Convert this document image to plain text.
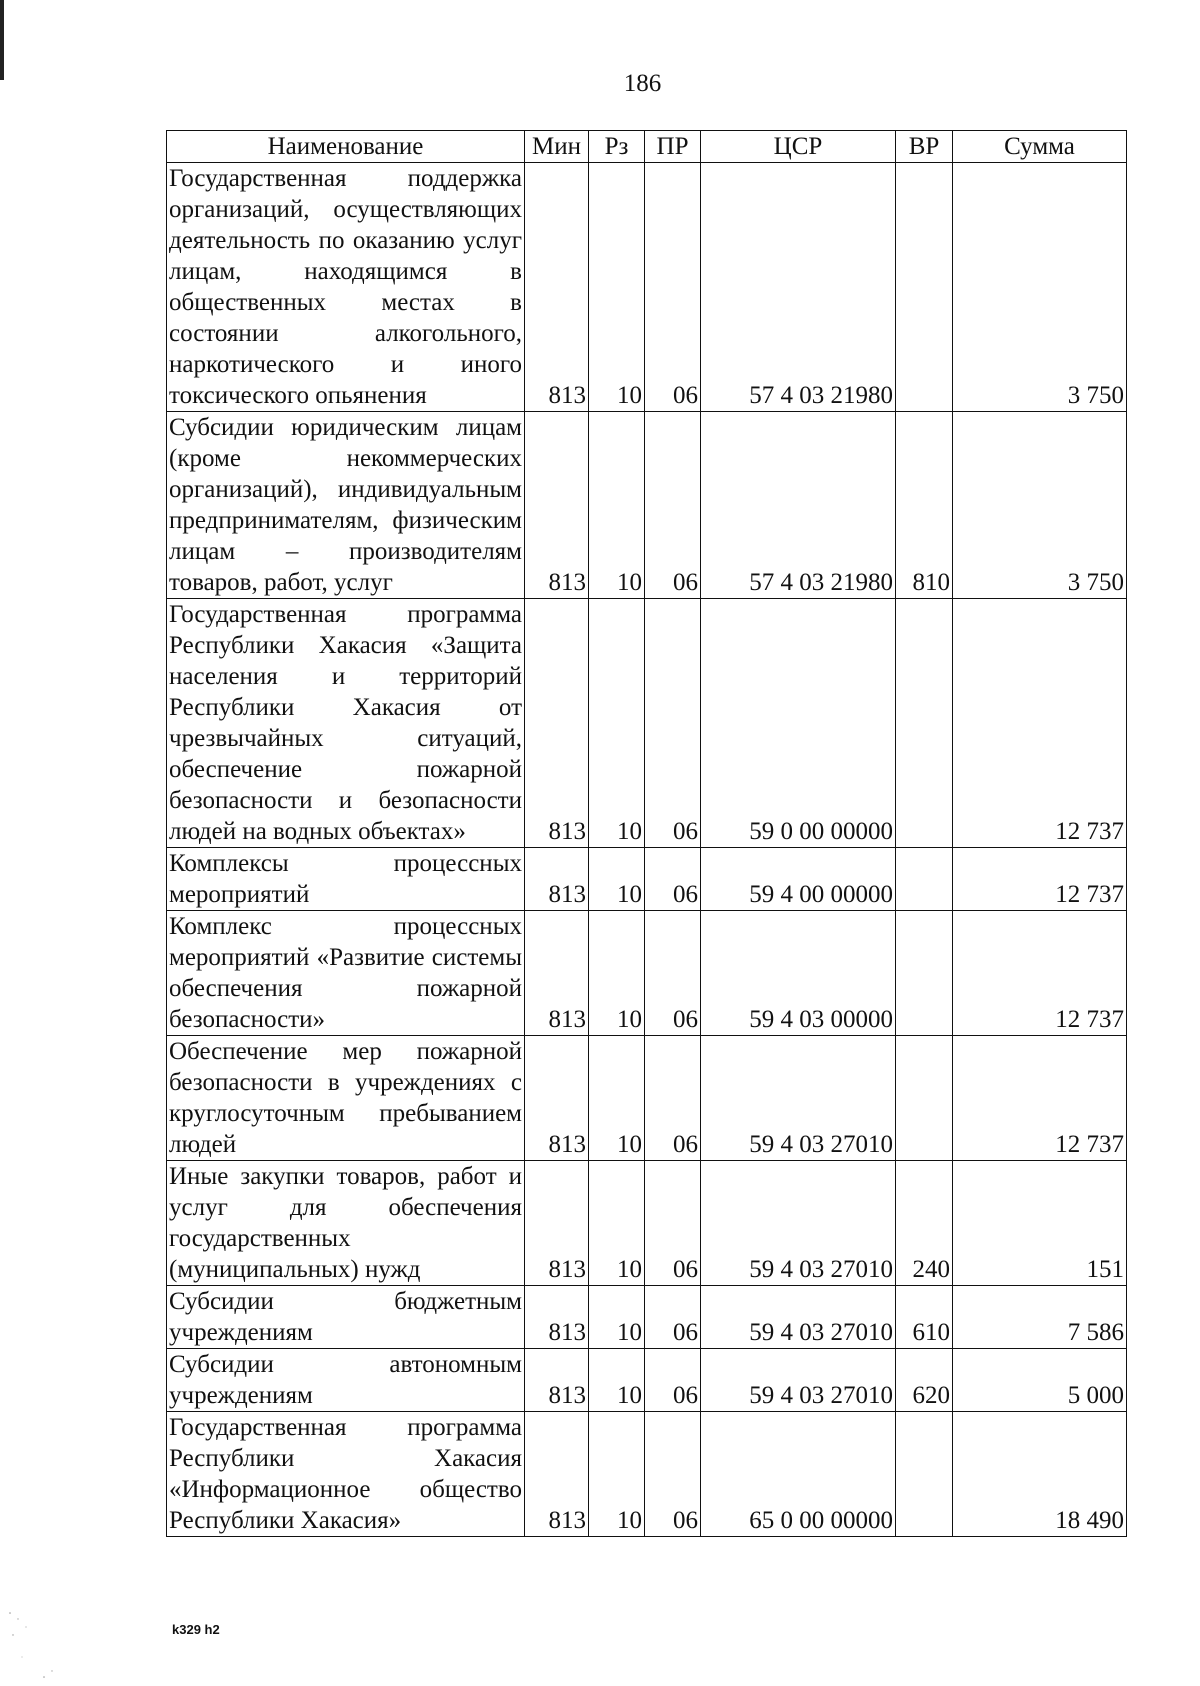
186
Наименование	Мин	Рз	ПР	ЦСР	ВР	Сумма
Государственная поддержка организаций, осуществляющих деятельность по оказанию услуг лицам, находящимся в общественных местах в состоянии алкогольного, наркотического и иного токсического опьянения	813	10	06	57 4 03 21980		3 750
Субсидии юридическим лицам (кроме некоммерческих организаций), индивидуальным предпринимателям, физическим лицам – производителям товаров, работ, услуг	813	10	06	57 4 03 21980	810	3 750
Государственная программа Республики Хакасия «Защита населения и территорий Республики Хакасия от чрезвычайных ситуаций, обеспечение пожарной безопасности и безопасности людей на водных объектах»	813	10	06	59 0 00 00000		12 737
Комплексы процессных мероприятий	813	10	06	59 4 00 00000		12 737
Комплекс процессных мероприятий «Развитие системы обеспечения пожарной безопасности»	813	10	06	59 4 03 00000		12 737
Обеспечение мер пожарной безопасности в учреждениях с круглосуточным пребыванием людей	813	10	06	59 4 03 27010		12 737
Иные закупки товаров, работ и услуг для обеспечения государственных (муниципальных) нужд	813	10	06	59 4 03 27010	240	151
Субсидии бюджетным учреждениям	813	10	06	59 4 03 27010	610	7 586
Субсидии автономным учреждениям	813	10	06	59 4 03 27010	620	5 000
Государственная программа Республики Хакасия «Информационное общество Республики Хакасия»	813	10	06	65 0 00 00000		18 490
k329 h2
